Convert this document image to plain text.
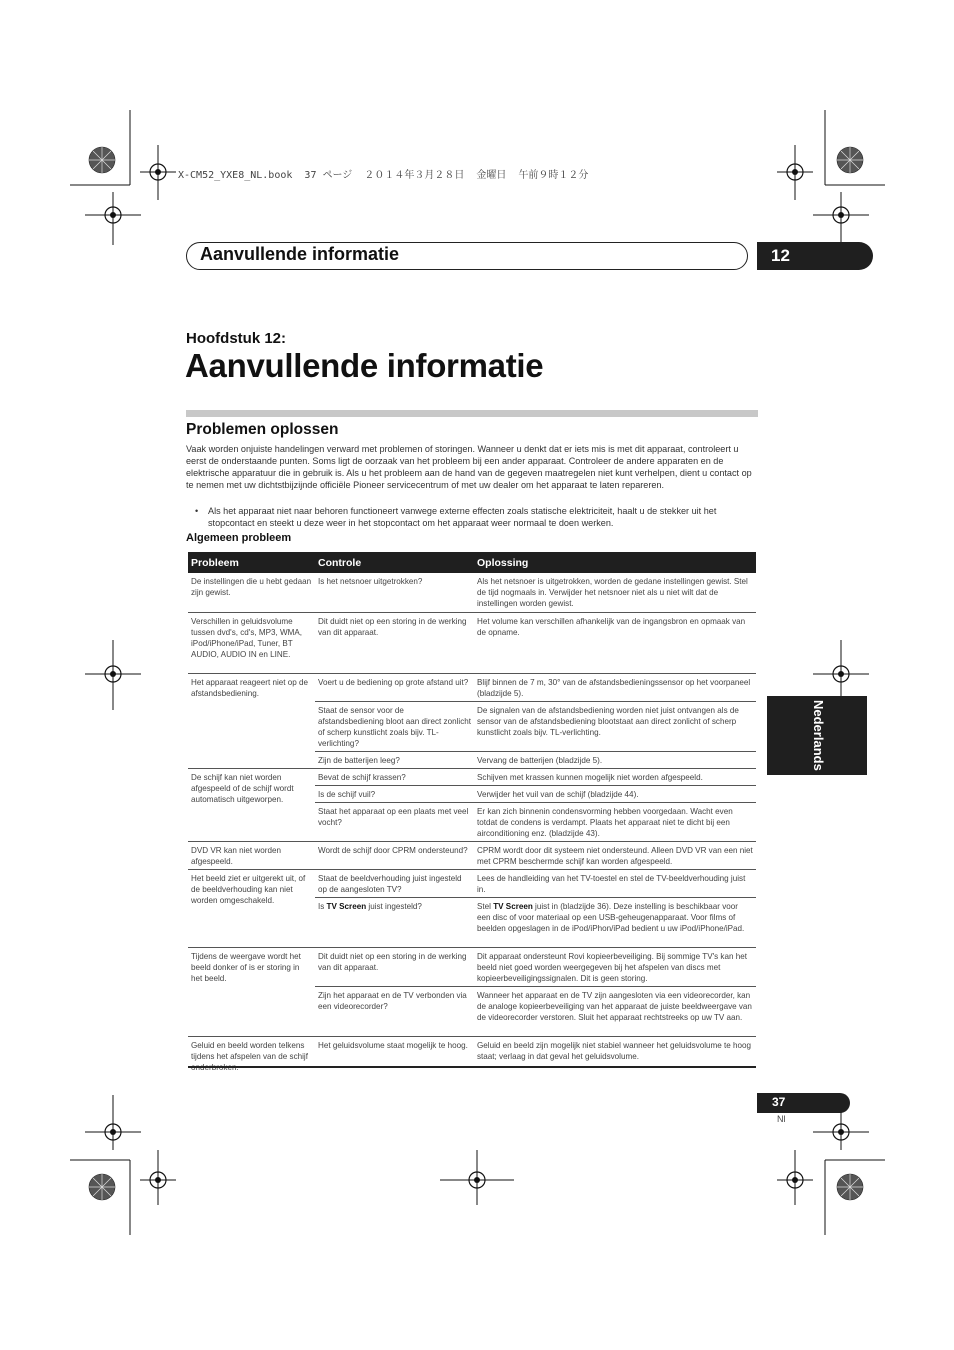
X-CM52_YXE8_NL.book  37 ページ  ２０１４年３月２８日  金曜日  午前９時１２分
Aanvullende informatie	12
Hoofdstuk 12:
Aanvullende informatie
Problemen oplossen

Vaak worden onjuiste handelingen verward met problemen of storingen. Wanneer u denkt dat er iets mis is met dit apparaat, controleert u eerst de onderstaande punten. Soms ligt de oorzaak van het probleem bij een ander apparaat. Controleer de andere apparaten en de elektrische apparatuur die in gebruik is. Als u het probleem aan de hand van de gegeven maatregelen niet kunt verhelpen, dient u contact op te nemen met uw dichtstbijzijnde officiële Pioneer servicecentrum of met uw dealer om het apparaat te laten repareren.

• Als het apparaat niet naar behoren functioneert vanwege externe effecten zoals statische elektriciteit, haalt u de stekker uit het stopcontact en steekt u deze weer in het stopcontact om het apparaat weer normaal te doen werken.
Algemeen probleem
Probleem	Controle	Oplossing
De instellingen die u hebt gedaan zijn gewist.	Is het netsnoer uitgetrokken?	Als het netsnoer is uitgetrokken, worden de gedane instellingen gewist. Stel de tijd nogmaals in. Verwijder het netsnoer niet als u niet wilt dat de instellingen worden gewist.
Verschillen in geluidsvolume tussen dvd's, cd's, MP3, WMA, iPod/iPhone/iPad, Tuner, BT AUDIO, AUDIO IN en LINE.	Dit duidt niet op een storing in de werking van dit apparaat.	Het volume kan verschillen afhankelijk van de ingangsbron en opmaak van de opname.
Het apparaat reageert niet op de afstandsbediening.	Voert u de bediening op grote afstand uit?	Blijf binnen de 7 m, 30° van de afstandsbedieningssensor op het voorpaneel (bladzijde 5).
	Staat de sensor voor de afstandsbediening bloot aan direct zonlicht of scherp kunstlicht zoals bijv. TL-verlichting?	De signalen van de afstandsbediening worden niet juist ontvangen als de sensor van de afstandsbediening blootstaat aan direct zonlicht of scherp kunstlicht zoals bijv. TL-verlichting.
	Zijn de batterijen leeg?	Vervang de batterijen (bladzijde 5).
De schijf kan niet worden afgespeeld of de schijf wordt automatisch uitgeworpen.	Bevat de schijf krassen?	Schijven met krassen kunnen mogelijk niet worden afgespeeld.
	Is de schijf vuil?	Verwijder het vuil van de schijf (bladzijde 44).
	Staat het apparaat op een plaats met veel vocht?	Er kan zich binnenin condensvorming hebben voorgedaan. Wacht even totdat de condens is verdampt. Plaats het apparaat niet te dicht bij een airconditioning enz. (bladzijde 43).
DVD VR kan niet worden afgespeeld.	Wordt de schijf door CPRM ondersteund?	CPRM wordt door dit systeem niet ondersteund. Alleen DVD VR van een niet met CPRM beschermde schijf kan worden afgespeeld.
Het beeld ziet er uitgerekt uit, of de beeldverhouding kan niet worden omgeschakeld.	Staat de beeldverhouding juist ingesteld op de aangesloten TV?	Lees de handleiding van het TV-toestel en stel de TV-beeldverhouding juist in.
	Is TV Screen juist ingesteld?	Stel TV Screen juist in (bladzijde 36). Deze instelling is beschikbaar voor een disc of voor materiaal op een USB-geheugenapparaat. Voor films of beelden opgeslagen in de iPod/iPhon/iPad bedient u uw iPod/iPhone/iPad.
Tijdens de weergave wordt het beeld donker of is er storing in het beeld.	Dit duidt niet op een storing in de werking van dit apparaat.	Dit apparaat ondersteunt Rovi kopieerbeveiliging. Bij sommige TV's kan het beeld niet goed worden weergegeven bij het afspelen van discs met kopieerbeveiligingssignalen. Dit is geen storing.
	Zijn het apparaat en de TV verbonden via een videorecorder?	Wanneer het apparaat en de TV zijn aangesloten via een videorecorder, kan de analoge kopieerbeveiliging van het apparaat de juiste beeldweergave van de videorecorder verstoren. Sluit het apparaat rechtstreeks op uw TV aan.
Geluid en beeld worden telkens tijdens het afspelen van de schijf	Het geluidsvolume staat mogelijk te hoog.	Geluid en beeld zijn mogelijk niet stabiel wanneer het geluidsvolume te hoog staat; verlaag in dat geval het geluidsvolume.
Nederlands
37
Nl
